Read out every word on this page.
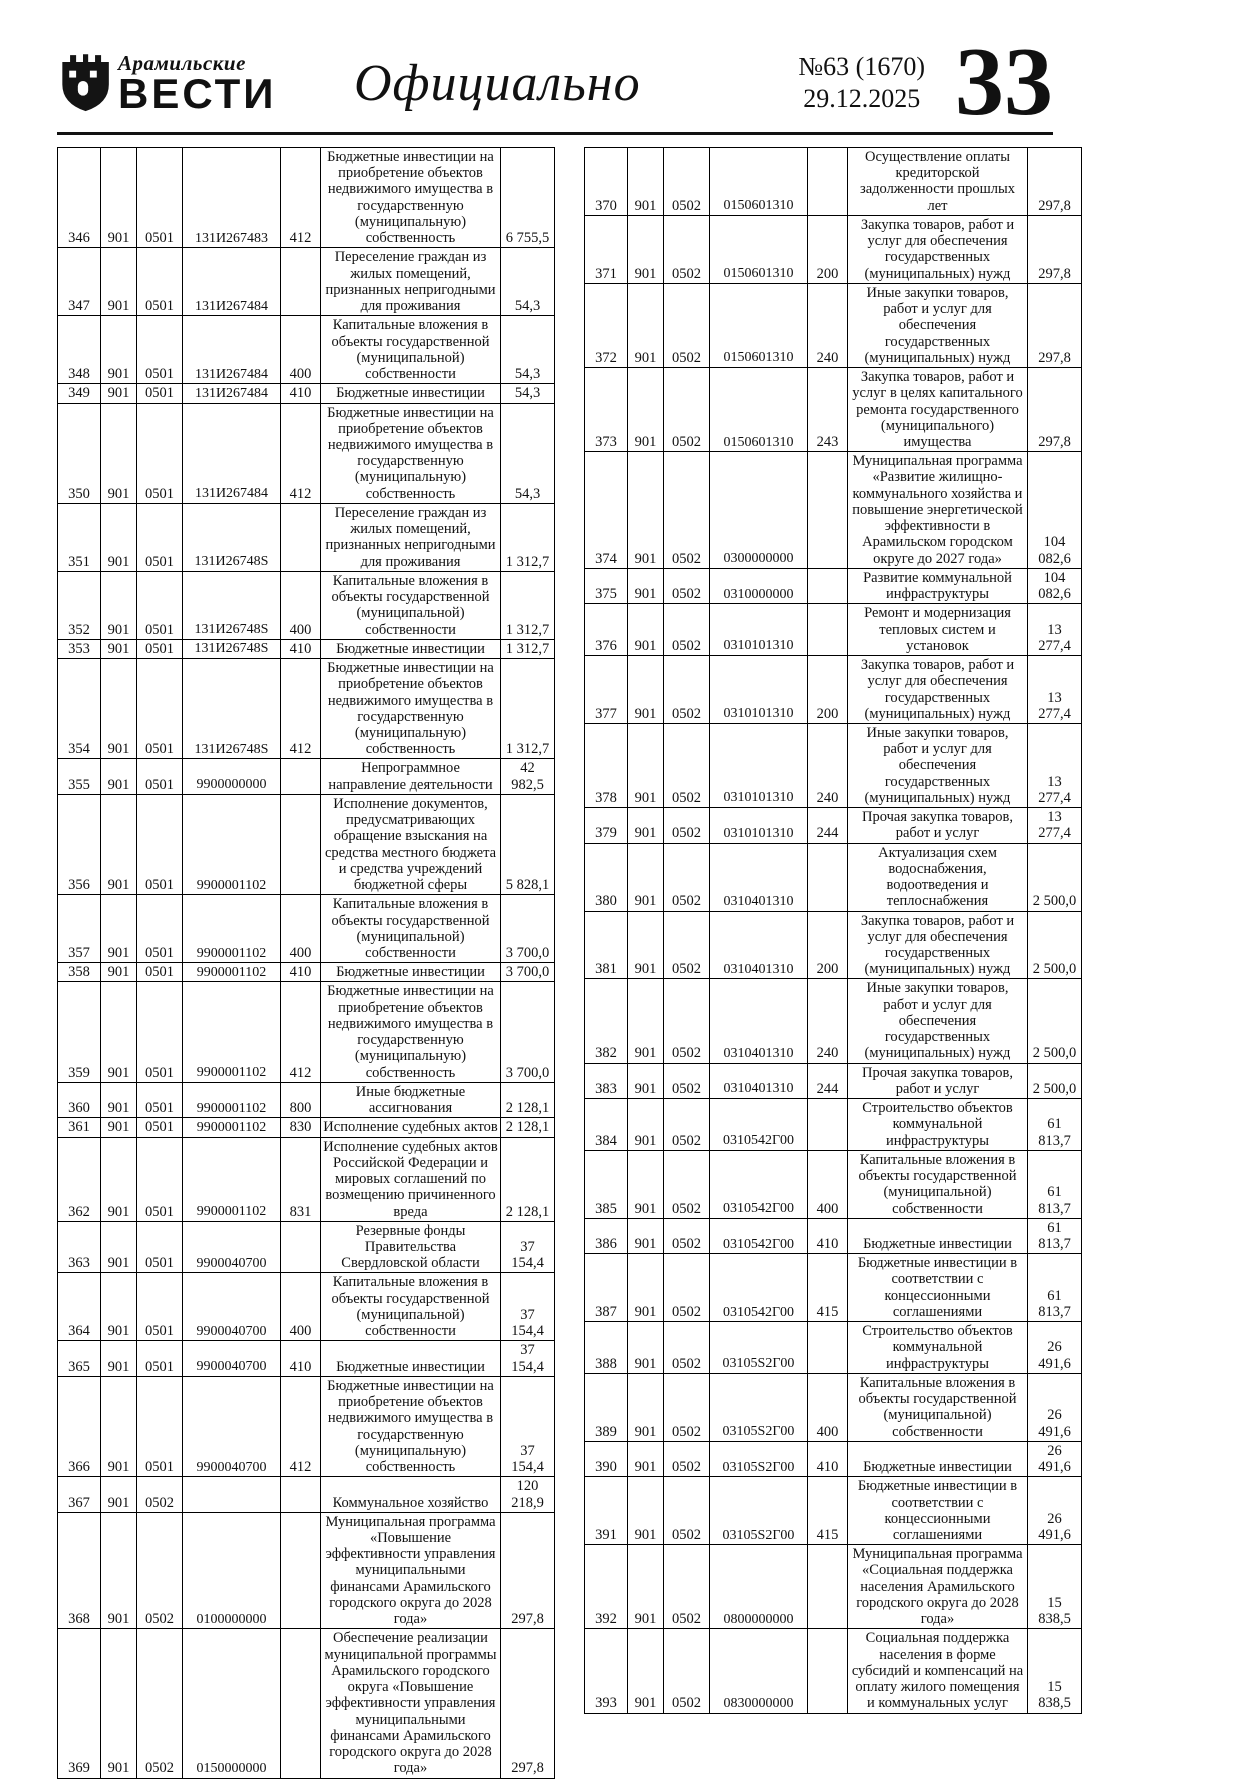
Арамильские
ВЕСТИ Официально	№63 (1670)
29.12.2025 33
346	901	0501	131И267483	412	Бюджетные инвестиции на приобретение объектов недвижимого имущества в государственную (муниципальную) собственность	6 755,5
347	901	0501	131И267484		Переселение граждан из жилых помещений, признанных непригодными для проживания	54,3
348	901	0501	131И267484	400	Капитальные вложения в объекты государственной (муниципальной) собственности	54,3
349	901	0501	131И267484	410	Бюджетные инвестиции	54,3
350	901	0501	131И267484	412	Бюджетные инвестиции на приобретение объектов недвижимого имущества в государственную (муниципальную) собственность	54,3
351	901	0501	131И26748S		Переселение граждан из жилых помещений, признанных непригодными для проживания	1 312,7
352	901	0501	131И26748S	400	Капитальные вложения в объекты государственной (муниципальной) собственности	1 312,7
353	901	0501	131И26748S	410	Бюджетные инвестиции	1 312,7
354	901	0501	131И26748S	412	Бюджетные инвестиции на приобретение объектов недвижимого имущества в государственную (муниципальную) собственность	1 312,7
355	901	0501	9900000000		Непрограммное направление деятельности	42 982,5
356	901	0501	9900001102		Исполнение документов, предусматривающих обращение взыскания на средства местного бюджета и средства учреждений бюджетной сферы	5 828,1
357	901	0501	9900001102	400	Капитальные вложения в объекты государственной (муниципальной) собственности	3 700,0
358	901	0501	9900001102	410	Бюджетные инвестиции	3 700,0
359	901	0501	9900001102	412	Бюджетные инвестиции на приобретение объектов недвижимого имущества в государственную (муниципальную) собственность	3 700,0
360	901	0501	9900001102	800	Иные бюджетные ассигнования	2 128,1
361	901	0501	9900001102	830	Исполнение судебных актов	2 128,1
362	901	0501	9900001102	831	Исполнение судебных актов Российской Федерации и мировых соглашений по возмещению причиненного вреда	2 128,1
363	901	0501	9900040700		Резервные фонды Правительства Свердловской области	37 154,4
364	901	0501	9900040700	400	Капитальные вложения в объекты государственной (муниципальной) собственности	37 154,4
365	901	0501	9900040700	410	Бюджетные инвестиции	37 154,4
366	901	0501	9900040700	412	Бюджетные инвестиции на приобретение объектов недвижимого имущества в государственную (муниципальную) собственность	37 154,4
367	901	0502			Коммунальное хозяйство	120 218,9
368	901	0502	0100000000		Муниципальная программа «Повышение эффективности управления муниципальными финансами Арамильского городского округа до 2028 года»	297,8
369	901	0502	0150000000		Обеспечение реализации муниципальной программы Арамильского городского округа «Повышение эффективности управления муниципальными финансами Арамильского городского округа до 2028 года»	297,8
370	901	0502	0150601310		Осуществление оплаты кредиторской задолженности прошлых лет	297,8
371	901	0502	0150601310	200	Закупка товаров, работ и услуг для обеспечения государственных (муниципальных) нужд	297,8
372	901	0502	0150601310	240	Иные закупки товаров, работ и услуг для обеспечения государственных (муниципальных) нужд	297,8
373	901	0502	0150601310	243	Закупка товаров, работ и услуг в целях капитального ремонта государственного (муниципального) имущества	297,8
374	901	0502	0300000000		Муниципальная программа «Развитие жилищно-коммунального хозяйства и повышение энергетической эффективности в Арамильском городском округе до 2027 года»	104 082,6
375	901	0502	0310000000		Развитие коммунальной инфраструктуры	104 082,6
376	901	0502	0310101310		Ремонт и модернизация тепловых систем и установок	13 277,4
377	901	0502	0310101310	200	Закупка товаров, работ и услуг для обеспечения государственных (муниципальных) нужд	13 277,4
378	901	0502	0310101310	240	Иные закупки товаров, работ и услуг для обеспечения государственных (муниципальных) нужд	13 277,4
379	901	0502	0310101310	244	Прочая закупка товаров, работ и услуг	13 277,4
380	901	0502	0310401310		Актуализация схем водоснабжения, водоотведения и теплоснабжения	2 500,0
381	901	0502	0310401310	200	Закупка товаров, работ и услуг для обеспечения государственных (муниципальных) нужд	2 500,0
382	901	0502	0310401310	240	Иные закупки товаров, работ и услуг для обеспечения государственных (муниципальных) нужд	2 500,0
383	901	0502	0310401310	244	Прочая закупка товаров, работ и услуг	2 500,0
384	901	0502	0310542Г00		Строительство объектов коммунальной инфраструктуры	61 813,7
385	901	0502	0310542Г00	400	Капитальные вложения в объекты государственной (муниципальной) собственности	61 813,7
386	901	0502	0310542Г00	410	Бюджетные инвестиции	61 813,7
387	901	0502	0310542Г00	415	Бюджетные инвестиции в соответствии с концессионными соглашениями	61 813,7
388	901	0502	03105S2Г00		Строительство объектов коммунальной инфраструктуры	26 491,6
389	901	0502	03105S2Г00	400	Капитальные вложения в объекты государственной (муниципальной) собственности	26 491,6
390	901	0502	03105S2Г00	410	Бюджетные инвестиции	26 491,6
391	901	0502	03105S2Г00	415	Бюджетные инвестиции в соответствии с концессионными соглашениями	26 491,6
392	901	0502	0800000000		Муниципальная программа «Социальная поддержка населения Арамильского городского округа до 2028 года»	15 838,5
393	901	0502	0830000000		Социальная поддержка населения в форме субсидий и компенсаций на оплату жилого помещения и коммунальных услуг	15 838,5
